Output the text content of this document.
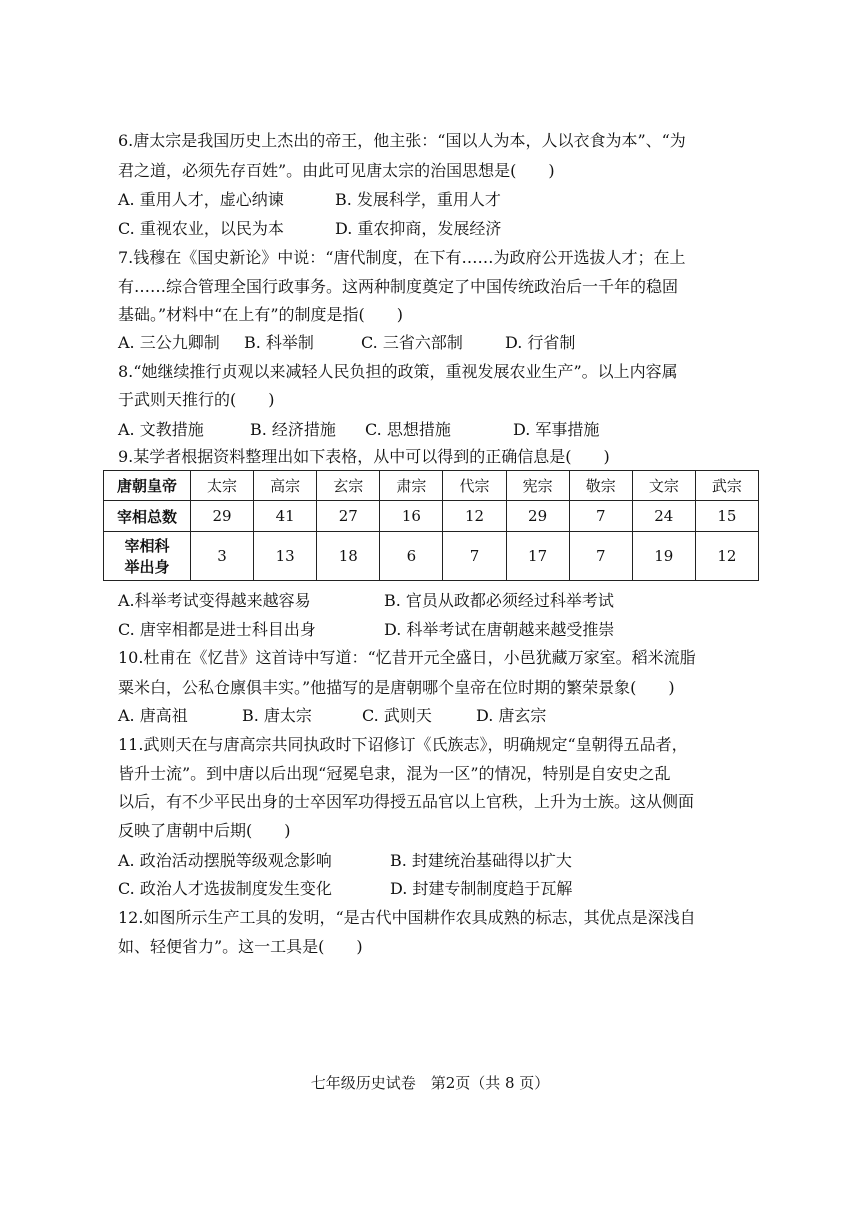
6.唐太宗是我国历史上杰出的帝王，他主张：“国以人为本，人以衣食为本”、“为
君之道，必须先存百姓”。由此可见唐太宗的治国思想是(　　)
A. 重用人才，虚心纳谏	B. 发展科学，重用人才
C. 重视农业，以民为本	D. 重农抑商，发展经济
7.钱穆在《国史新论》中说：“唐代制度，在下有……为政府公开选拔人才；在上
有……综合管理全国行政事务。这两种制度奠定了中国传统政治后一千年的稳固
基础。”材料中“在上有”的制度是指(　　)
A. 三公九卿制 B. 科举制	C. 三省六部制	D. 行省制
8.“她继续推行贞观以来减轻人民负担的政策，重视发展农业生产”。以上内容属
于武则天推行的(　　)
A. 文教措施	B. 经济措施 C. 思想措施	D. 军事措施
9.某学者根据资料整理出如下表格，从中可以得到的正确信息是(　　)
唐朝皇帝	太宗	高宗	玄宗	肃宗	代宗	宪宗	敬宗	文宗	武宗
宰相总数	29	41	27	16	12	29	7	24	15

宰相科
举出身	3	13	18	6	7	17	7	19	12
A.科举考试变得越来越容易	B. 官员从政都必须经过科举考试
C. 唐宰相都是进士科目出身	D. 科举考试在唐朝越来越受推崇
10.杜甫在《忆昔》这首诗中写道：“忆昔开元全盛日，小邑犹藏万家室。稻米流脂
粟米白，公私仓廪俱丰实。”他描写的是唐朝哪个皇帝在位时期的繁荣景象(　　)
A. 唐高祖	B. 唐太宗	C. 武则天	D. 唐玄宗
11.武则天在与唐高宗共同执政时下诏修订《氏族志》，明确规定“皇朝得五品者，
皆升士流”。到中唐以后出现“冠冕皂隶，混为一区”的情况，特别是自安史之乱
以后，有不少平民出身的士卒因军功得授五品官以上官秩，上升为士族。这从侧面
反映了唐朝中后期(　　)
A. 政治活动摆脱等级观念影响	B. 封建统治基础得以扩大
C. 政治人才选拔制度发生变化	D. 封建专制制度趋于瓦解
12.如图所示生产工具的发明，“是古代中国耕作农具成熟的标志，其优点是深浅自
如、轻便省力”。这一工具是(　　)
七年级历史试卷　第2页（共 8 页）
